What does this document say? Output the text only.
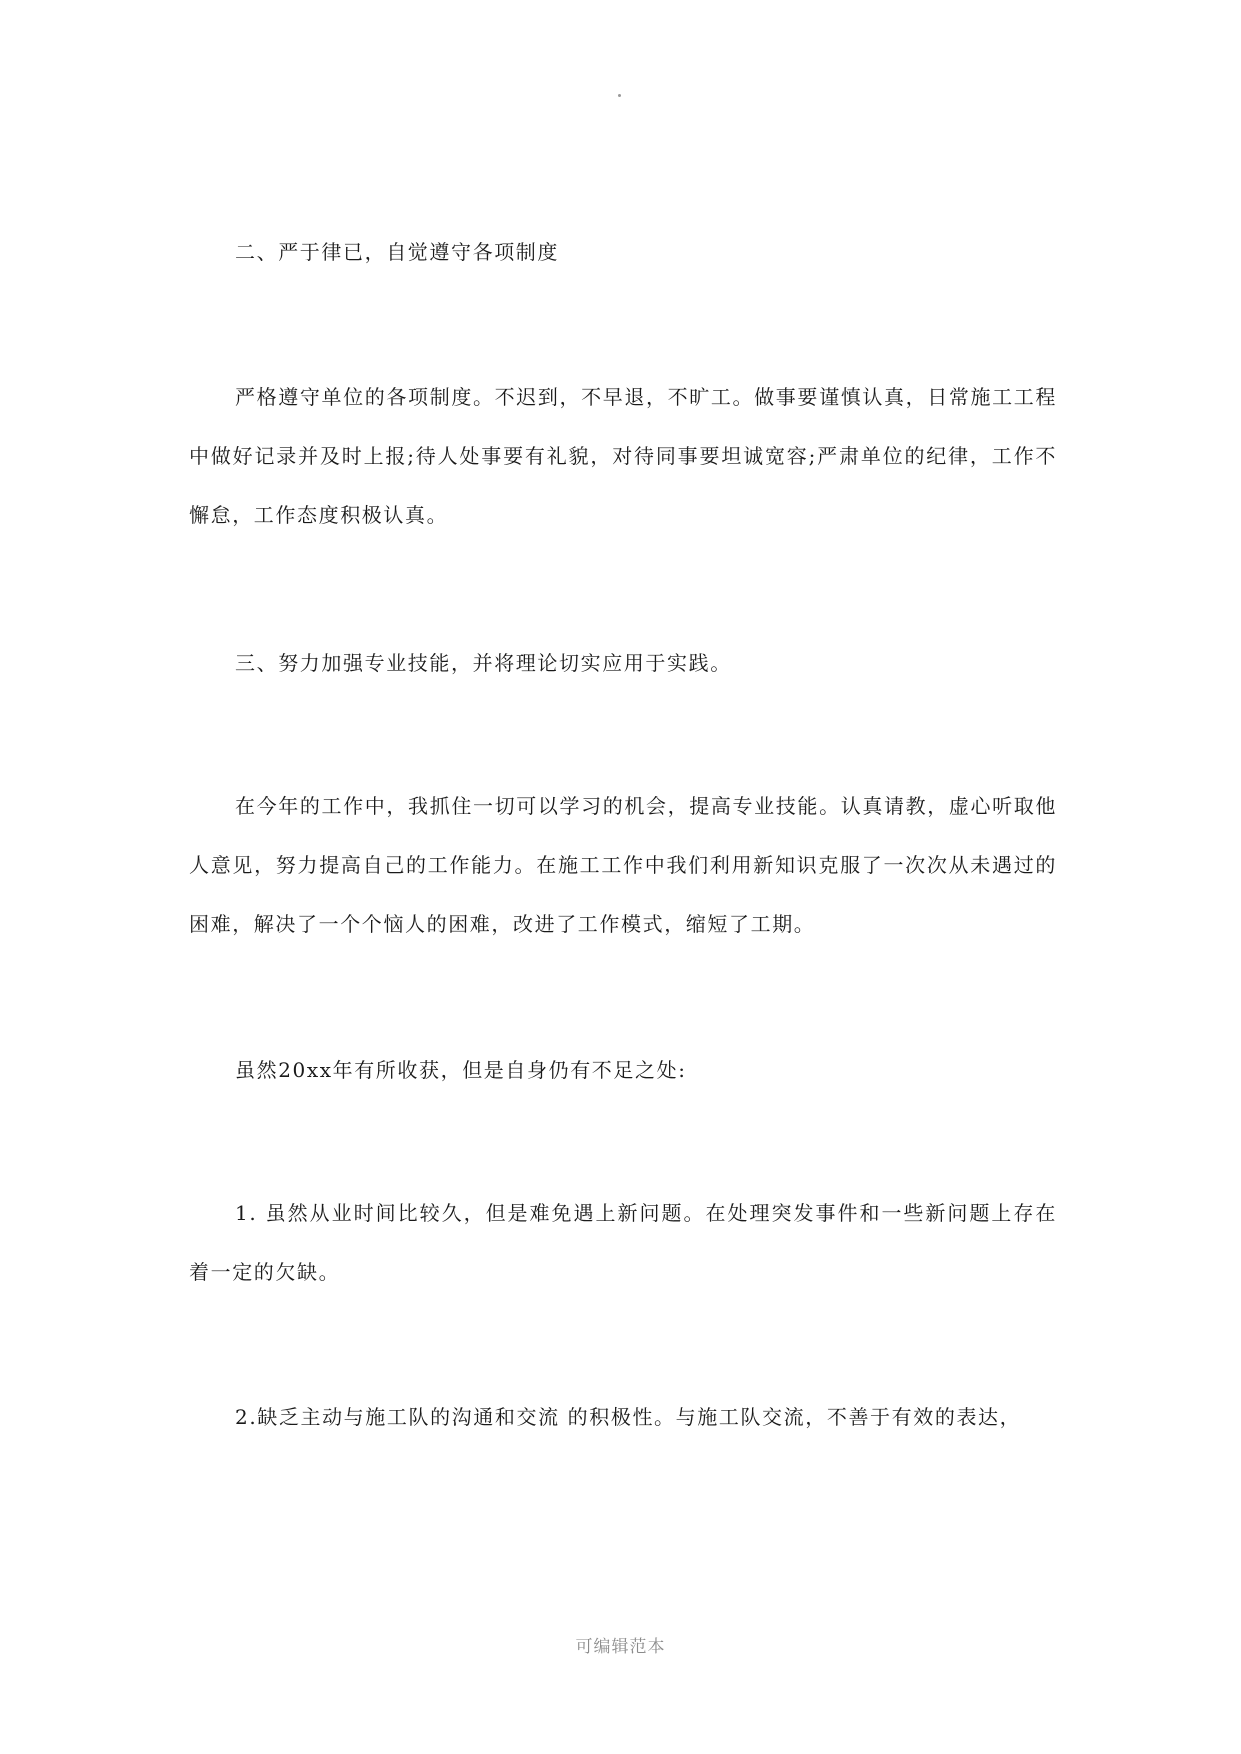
二、严于律已，自觉遵守各项制度

严格遵守单位的各项制度。不迟到，不早退，不旷工。做事要谨慎认真，日常施工工程中做好记录并及时上报;待人处事要有礼貌，对待同事要坦诚宽容;严肃单位的纪律，工作不懈怠，工作态度积极认真。

三、努力加强专业技能，并将理论切实应用于实践。

在今年的工作中，我抓住一切可以学习的机会，提高专业技能。认真请教，虚心听取他人意见，努力提高自己的工作能力。在施工工作中我们利用新知识克服了一次次从未遇过的困难，解决了一个个恼人的困难，改进了工作模式，缩短了工期。

虽然20xx年有所收获，但是自身仍有不足之处:

1. 虽然从业时间比较久，但是难免遇上新问题。在处理突发事件和一些新问题上存在着一定的欠缺。

2.缺乏主动与施工队的沟通和交流 的积极性。与施工队交流，不善于有效的表达，

可编辑范本
